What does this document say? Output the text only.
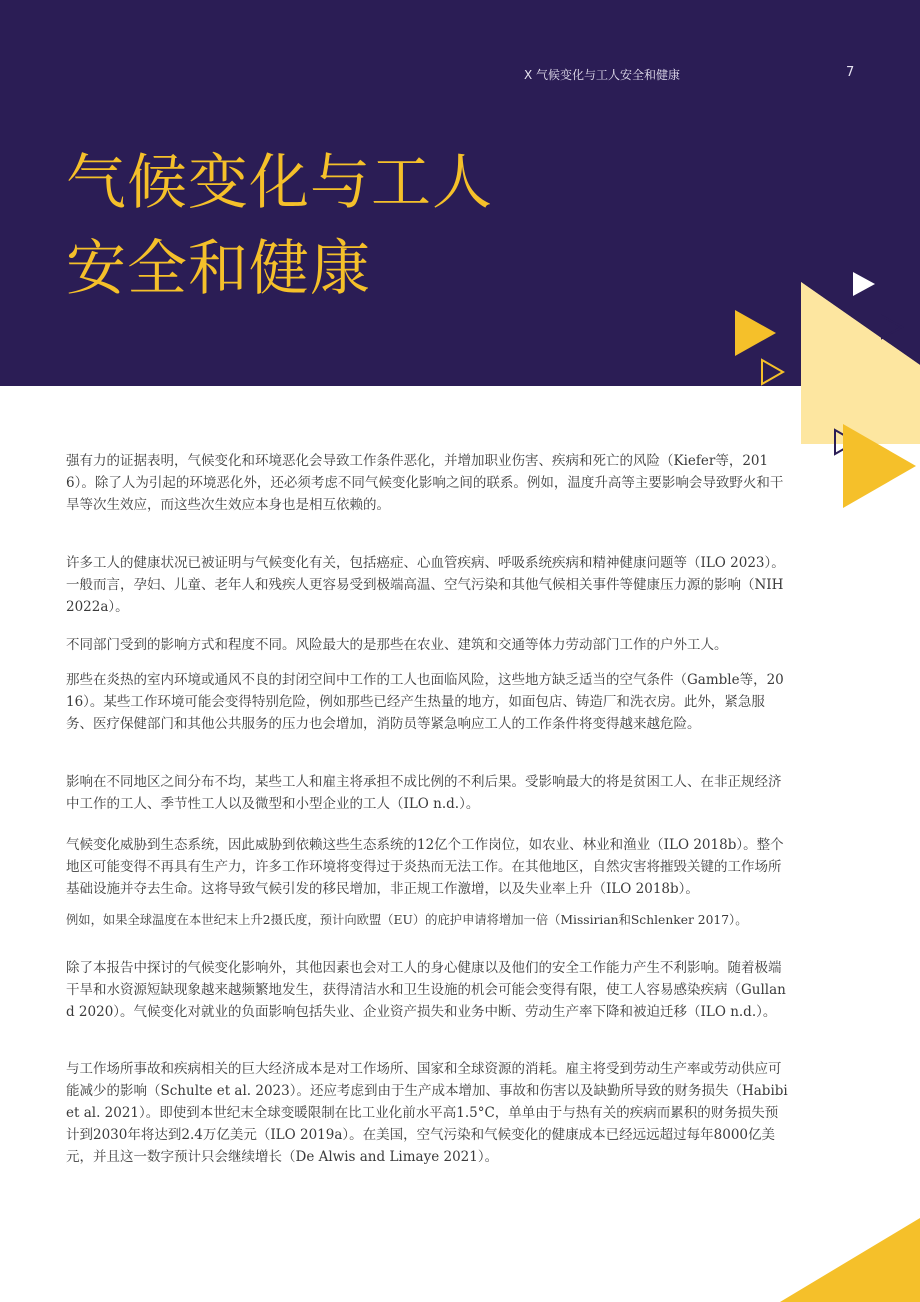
X 气候变化与工人安全和健康	7
气候变化与工人
安全和健康

强有力的证据表明，气候变化和环境恶化会导致工作条件恶化，并增加职业伤害、疾病和死亡的风险（Kiefer等，2016）。除了人为引起的环境恶化外，还必须考虑不同气候变化影响之间的联系。例如，温度升高等主要影响会导致野火和干旱等次生效应，而这些次生效应本身也是相互依赖的。

许多工人的健康状况已被证明与气候变化有关，包括癌症、心血管疾病、呼吸系统疾病和精神健康问题等（ILO 2023）。一般而言，孕妇、儿童、老年人和残疾人更容易受到极端高温、空气污染和其他气候相关事件等健康压力源的影响（NIH 2022a）。

不同部门受到的影响方式和程度不同。风险最大的是那些在农业、建筑和交通等体力劳动部门工作的户外工人。

那些在炎热的室内环境或通风不良的封闭空间中工作的工人也面临风险，这些地方缺乏适当的空气条件（Gamble等，2016）。某些工作环境可能会变得特别危险，例如那些已经产生热量的地方，如面包店、铸造厂和洗衣房。此外，紧急服务、医疗保健部门和其他公共服务的压力也会增加，消防员等紧急响应工人的工作条件将变得越来越危险。

影响在不同地区之间分布不均，某些工人和雇主将承担不成比例的不利后果。受影响最大的将是贫困工人、在非正规经济中工作的工人、季节性工人以及微型和小型企业的工人（ILO n.d.）。

气候变化威胁到生态系统，因此威胁到依赖这些生态系统的12亿个工作岗位，如农业、林业和渔业（ILO 2018b）。整个地区可能变得不再具有生产力，许多工作环境将变得过于炎热而无法工作。在其他地区，自然灾害将摧毁关键的工作场所基础设施并夺去生命。这将导致气候引发的移民增加，非正规工作激增，以及失业率上升（ILO 2018b）。

例如，如果全球温度在本世纪末上升2摄氏度，预计向欧盟（EU）的庇护申请将增加一倍（Missirian和Schlenker 2017）。

除了本报告中探讨的气候变化影响外，其他因素也会对工人的身心健康以及他们的安全工作能力产生不利影响。随着极端干旱和水资源短缺现象越来越频繁地发生，获得清洁水和卫生设施的机会可能会变得有限，使工人容易感染疾病（Gulland 2020）。气候变化对就业的负面影响包括失业、企业资产损失和业务中断、劳动生产率下降和被迫迁移（ILO n.d.）。

与工作场所事故和疾病相关的巨大经济成本是对工作场所、国家和全球资源的消耗。雇主将受到劳动生产率或劳动供应可能减少的影响（Schulte et al. 2023）。还应考虑到由于生产成本增加、事故和伤害以及缺勤所导致的财务损失（Habibi et al. 2021）。即使到本世纪末全球变暖限制在比工业化前水平高1.5°C，单单由于与热有关的疾病而累积的财务损失预计到2030年将达到2.4万亿美元（ILO 2019a）。在美国，空气污染和气候变化的健康成本已经远远超过每年8000亿美元，并且这一数字预计只会继续增长（De Alwis and Limaye 2021）。
